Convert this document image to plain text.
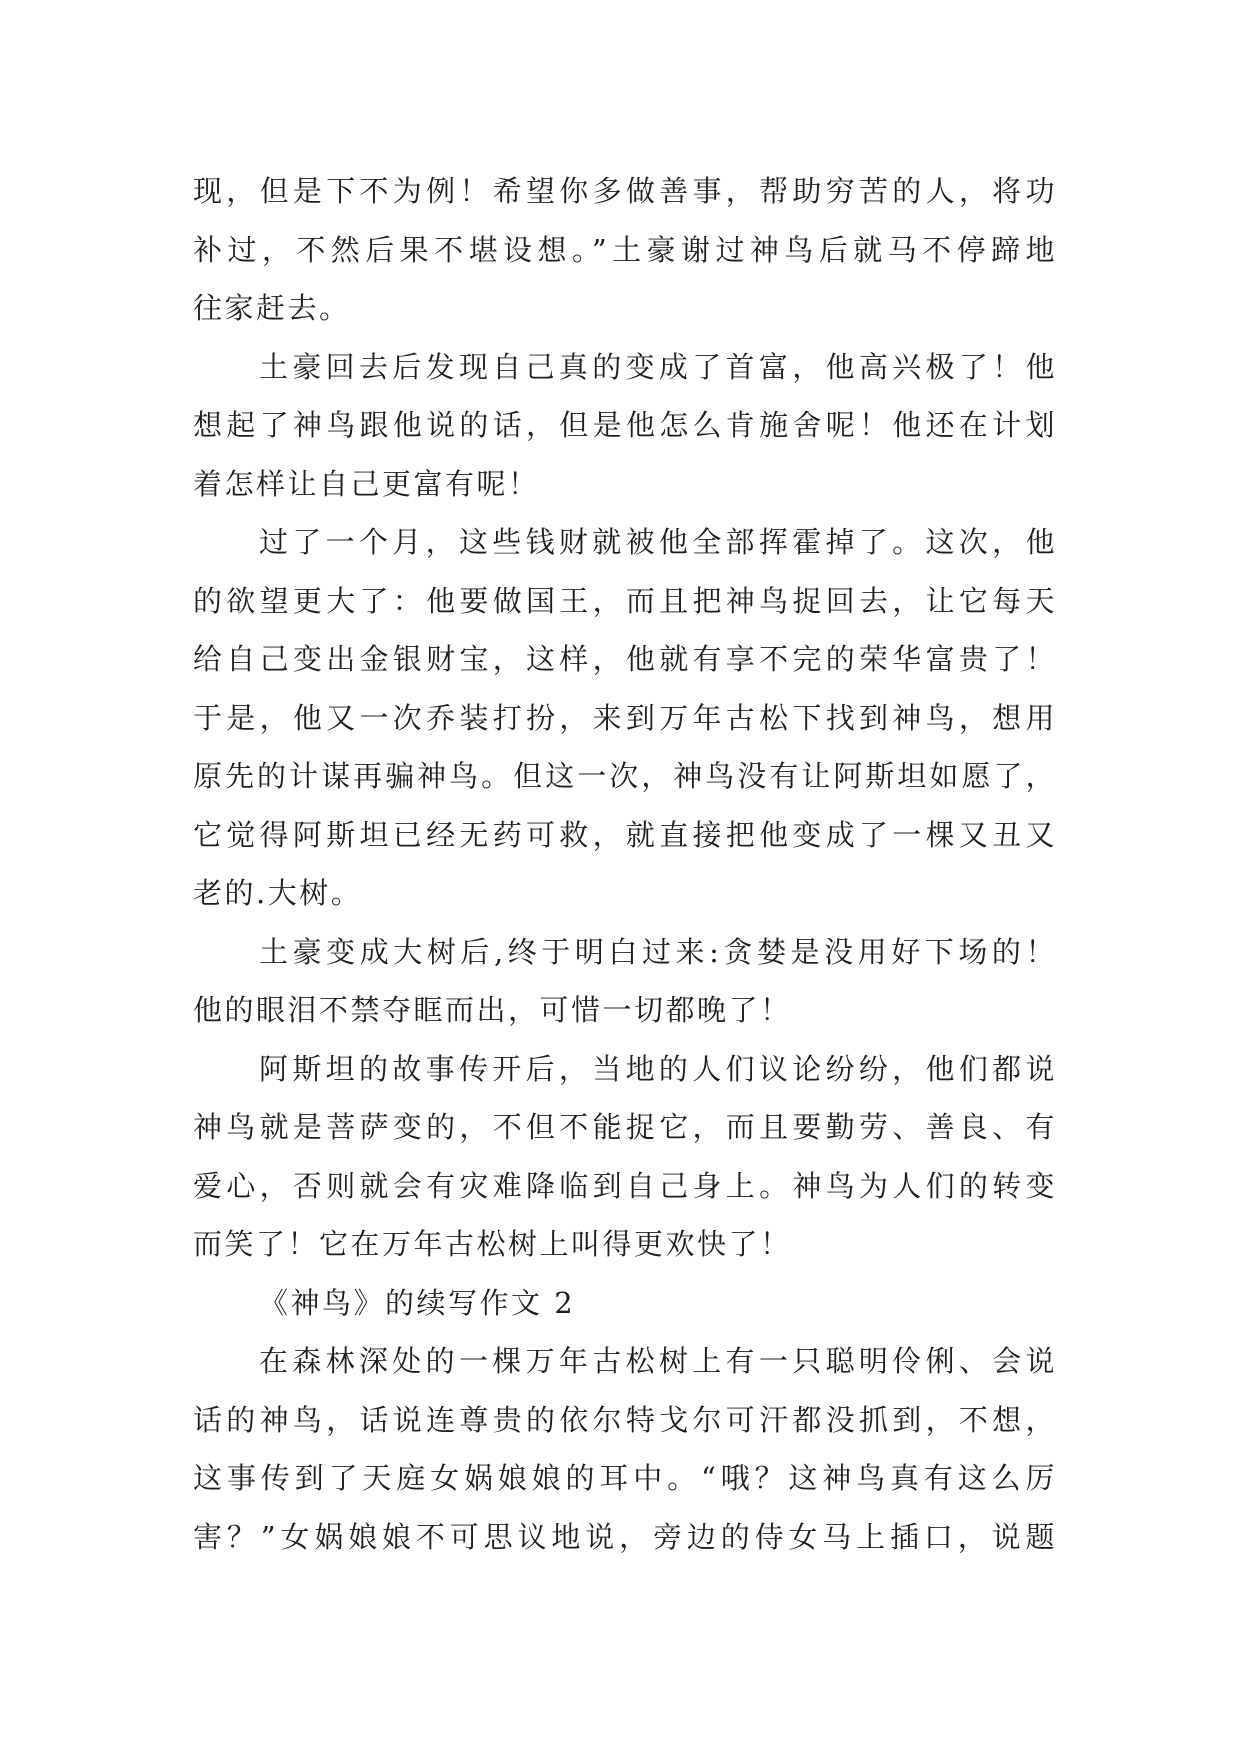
现，但是下不为例！希望你多做善事，帮助穷苦的人，将功
补过，不然后果不堪设想。”土豪谢过神鸟后就马不停蹄地
往家赶去。
土豪回去后发现自己真的变成了首富，他高兴极了！他
想起了神鸟跟他说的话，但是他怎么肯施舍呢！他还在计划
着怎样让自己更富有呢！
过了一个月，这些钱财就被他全部挥霍掉了。这次，他
的欲望更大了：他要做国王，而且把神鸟捉回去，让它每天
给自己变出金银财宝，这样，他就有享不完的荣华富贵了！
于是，他又一次乔装打扮，来到万年古松下找到神鸟，想用
原先的计谋再骗神鸟。但这一次，神鸟没有让阿斯坦如愿了，
它觉得阿斯坦已经无药可救，就直接把他变成了一棵又丑又
老的.大树。
土豪变成大树后,终于明白过来:贪婪是没用好下场的！
他的眼泪不禁夺眶而出，可惜一切都晚了！
阿斯坦的故事传开后，当地的人们议论纷纷，他们都说
神鸟就是菩萨变的，不但不能捉它，而且要勤劳、善良、有
爱心，否则就会有灾难降临到自己身上。神鸟为人们的转变
而笑了！它在万年古松树上叫得更欢快了！
《神鸟》的续写作文 2
在森林深处的一棵万年古松树上有一只聪明伶俐、会说
话的神鸟，话说连尊贵的依尔特戈尔可汗都没抓到，不想，
这事传到了天庭女娲娘娘的耳中。“哦？这神鸟真有这么厉
害？”女娲娘娘不可思议地说，旁边的侍女马上插口，说题
